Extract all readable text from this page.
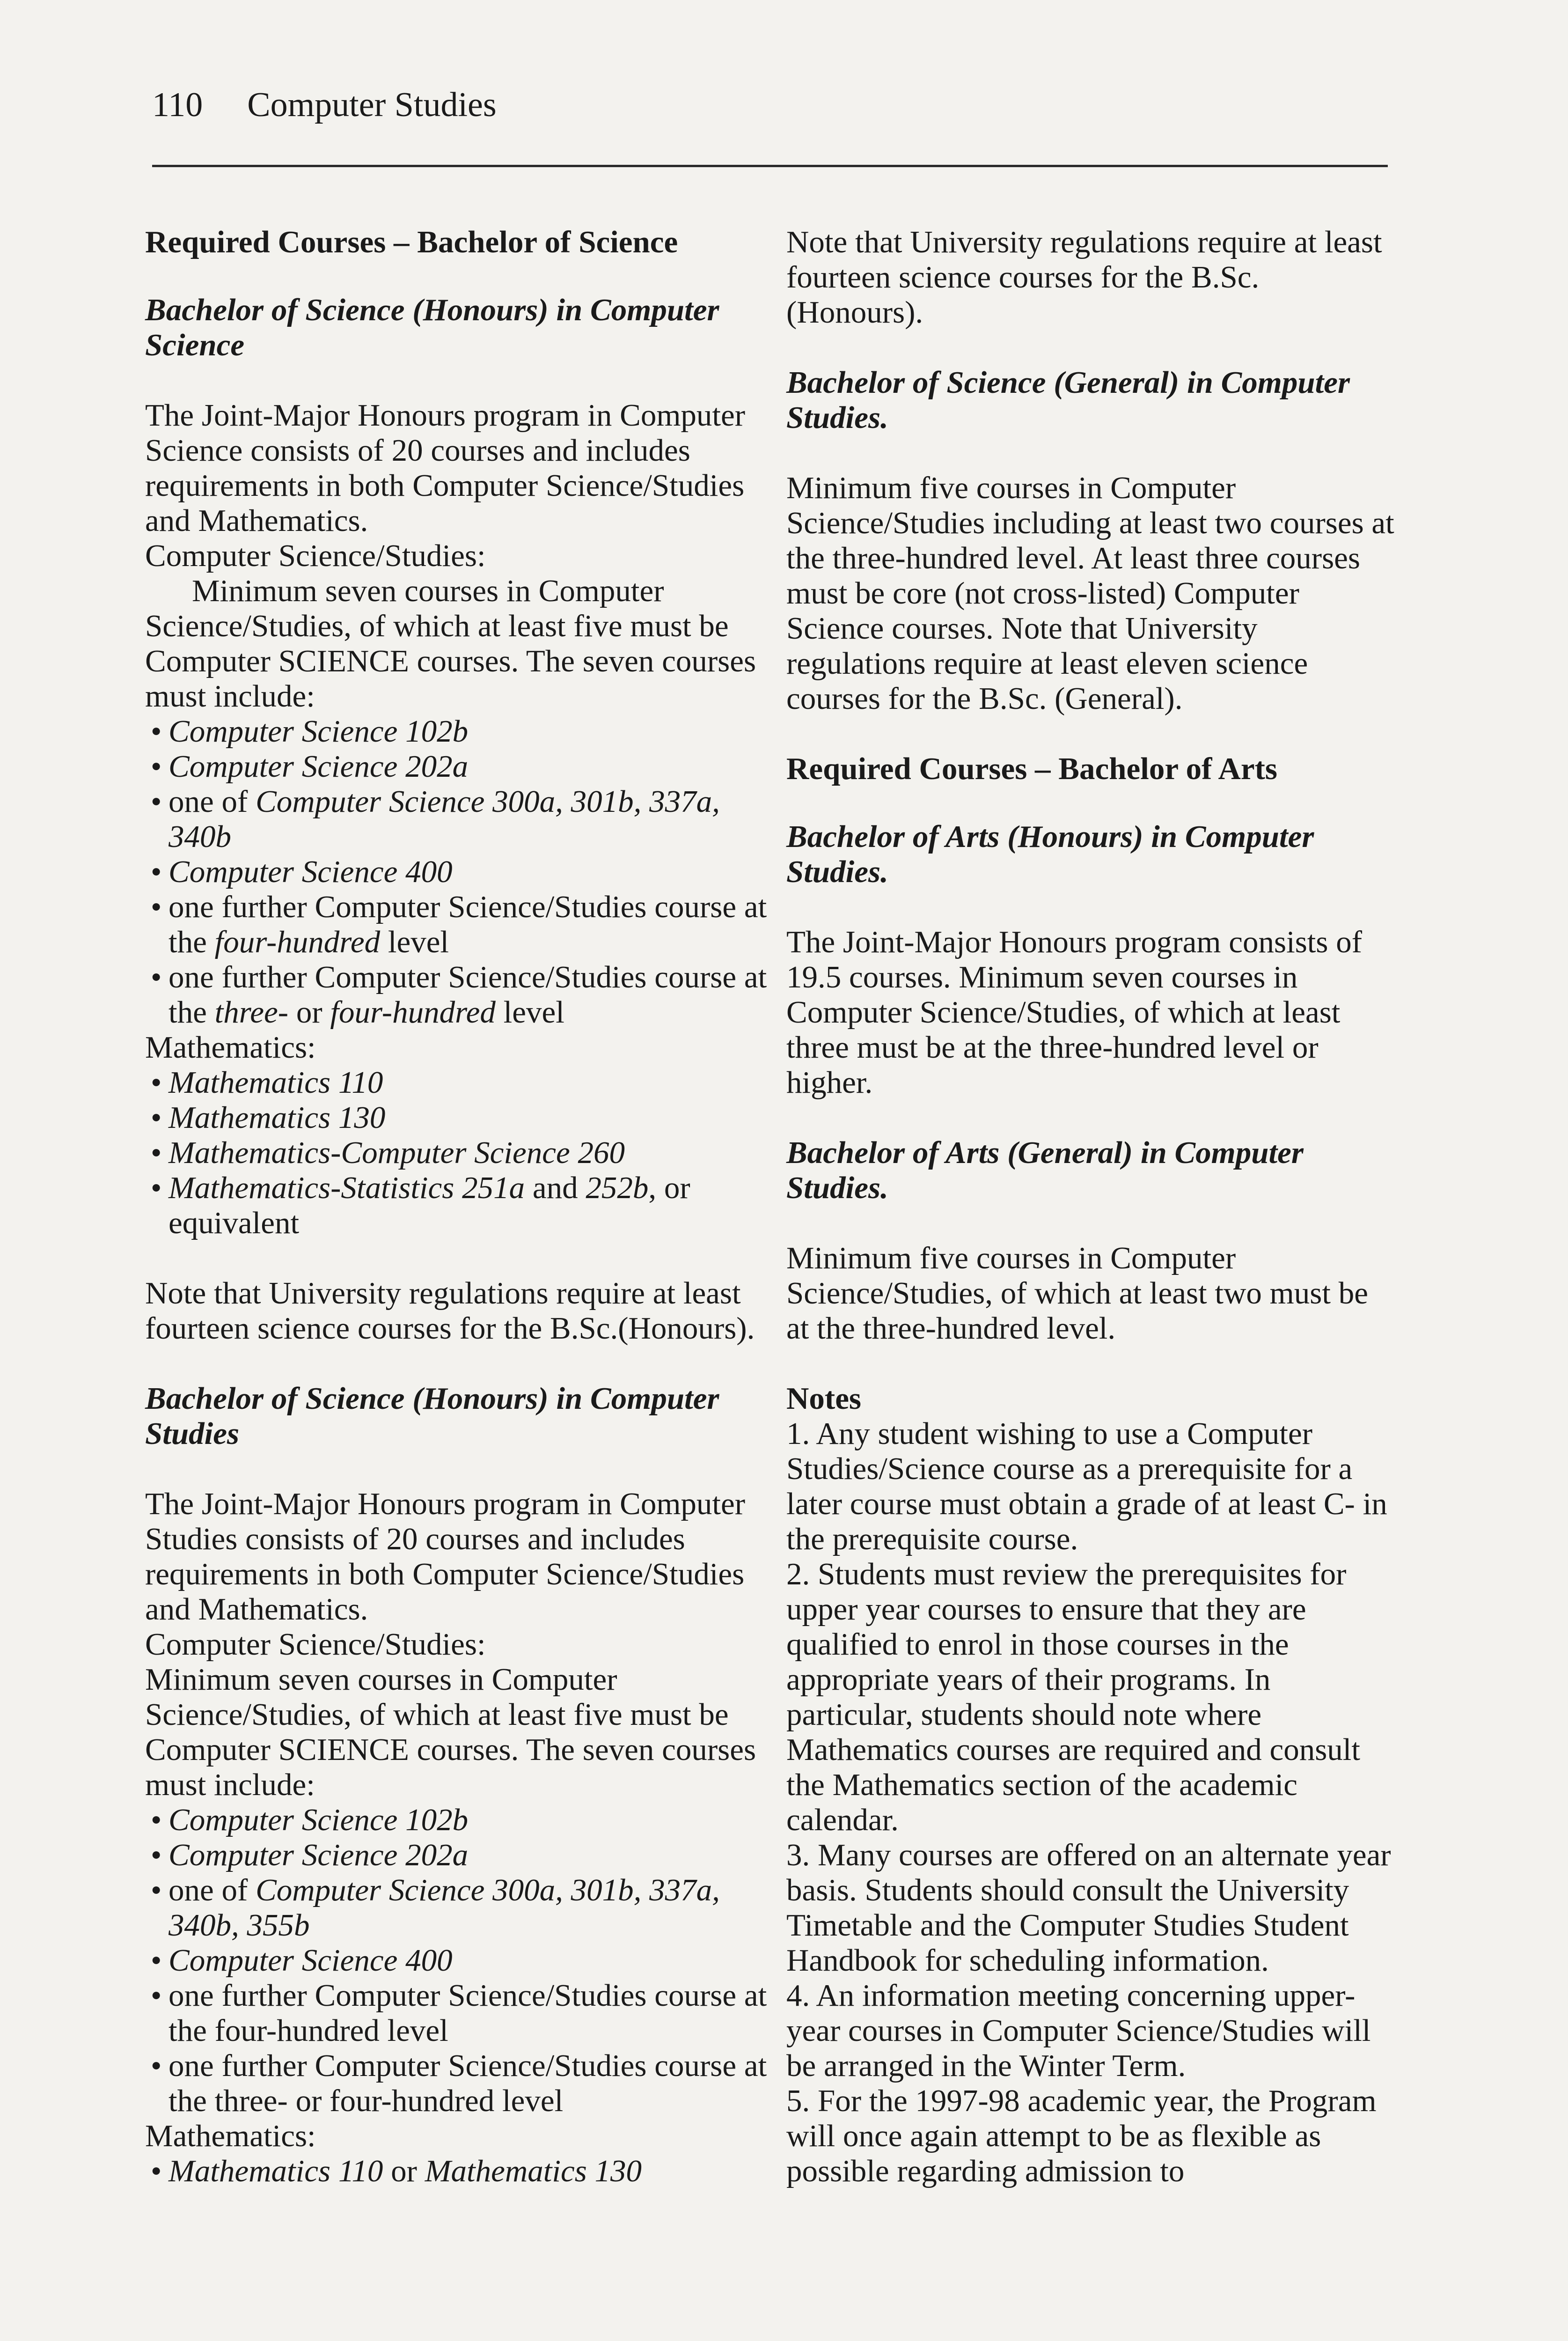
110 Computer Studies

Required Courses – Bachelor of Science

Bachelor of Science (Honours) in Computer Science

The Joint-Major Honours program in Computer Science consists of 20 courses and includes requirements in both Computer Science/Studies and Mathematics.

Computer Science/Studies:

Minimum seven courses in Computer Science/Studies, of which at least five must be Computer SCIENCE courses. The seven courses must include:

• Computer Science 102b
• Computer Science 202a
• one of Computer Science 300a, 301b, 337a, 340b
• Computer Science 400
• one further Computer Science/Studies course at the four-hundred level
• one further Computer Science/Studies course at the three- or four-hundred level

Mathematics:

• Mathematics 110
• Mathematics 130
• Mathematics-Computer Science 260
• Mathematics-Statistics 251a and 252b, or equivalent

Note that University regulations require at least fourteen science courses for the B.Sc.(Honours).

Bachelor of Science (Honours) in Computer Studies

The Joint-Major Honours program in Computer Studies consists of 20 courses and includes requirements in both Computer Science/Studies and Mathematics.

Computer Science/Studies:

Minimum seven courses in Computer Science/Studies, of which at least five must be Computer SCIENCE courses. The seven courses must include:

• Computer Science 102b
• Computer Science 202a
• one of Computer Science 300a, 301b, 337a, 340b, 355b
• Computer Science 400
• one further Computer Science/Studies course at the four-hundred level
• one further Computer Science/Studies course at the three- or four-hundred level

Mathematics:

• Mathematics 110 or Mathematics 130

Note that University regulations require at least fourteen science courses for the B.Sc. (Honours).

Bachelor of Science (General) in Computer Studies.

Minimum five courses in Computer Science/Studies including at least two courses at the three-hundred level. At least three courses must be core (not cross-listed) Computer Science courses. Note that University regulations require at least eleven science courses for the B.Sc. (General).

Required Courses – Bachelor of Arts

Bachelor of Arts (Honours) in Computer Studies.

The Joint-Major Honours program consists of 19.5 courses. Minimum seven courses in Computer Science/Studies, of which at least three must be at the three-hundred level or higher.

Bachelor of Arts (General) in Computer Studies.

Minimum five courses in Computer Science/Studies, of which at least two must be at the three-hundred level.

Notes

1. Any student wishing to use a Computer Studies/Science course as a prerequisite for a later course must obtain a grade of at least C- in the prerequisite course.
2. Students must review the prerequisites for upper year courses to ensure that they are qualified to enrol in those courses in the appropriate years of their programs. In particular, students should note where Mathematics courses are required and consult the Mathematics section of the academic calendar.
3. Many courses are offered on an alternate year basis. Students should consult the University Timetable and the Computer Studies Student Handbook for scheduling information.
4. An information meeting concerning upper-year courses in Computer Science/Studies will be arranged in the Winter Term.
5. For the 1997-98 academic year, the Program will once again attempt to be as flexible as possible regarding admission to
